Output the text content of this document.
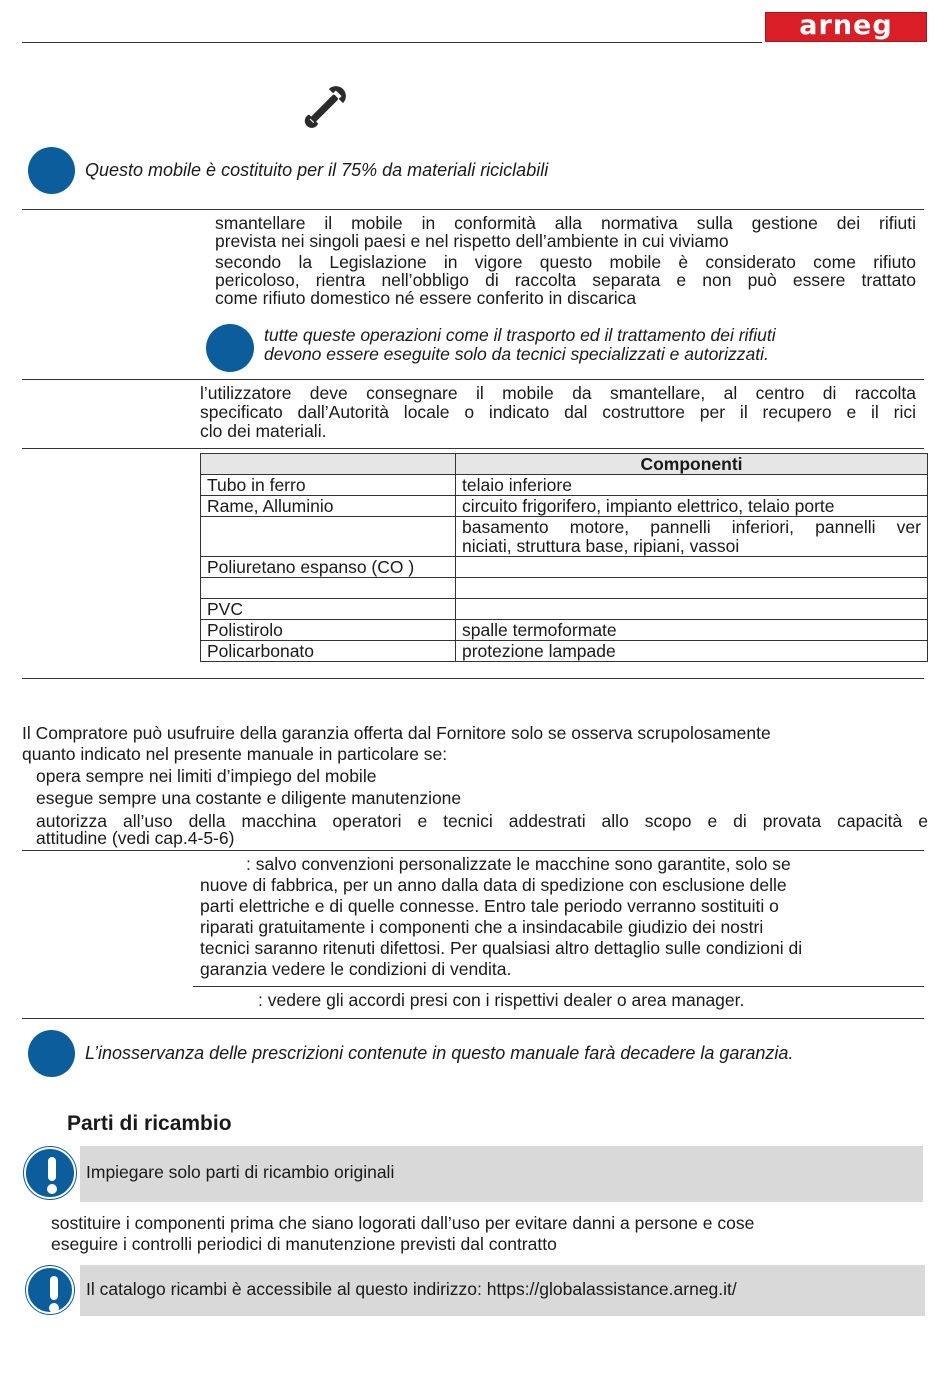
arneg
Questo mobile è costituito per il 75% da materiali riciclabili
smantellare il mobile in conformità alla normativa sulla gestione dei rifiuti
prevista nei singoli paesi e nel rispetto dell’ambiente in cui viviamo
secondo la Legislazione in vigore questo mobile è considerato come rifiuto
pericoloso, rientra nell’obbligo di raccolta separata e non può essere trattato
come rifiuto domestico né essere conferito in discarica
tutte queste operazioni come il trasporto ed il trattamento dei rifiuti
devono essere eseguite solo da tecnici specializzati e autorizzati.
l’utilizzatore deve consegnare il mobile da smantellare, al centro di raccolta
specificato dall’Autorità locale o indicato dal costruttore per il recupero e il rici
clo dei materiali.
	Componenti
Tubo in ferro	telaio inferiore
Rame, Alluminio	circuito frigorifero, impianto elettrico, telaio porte

	basamento motore, pannelli inferiori, pannelli ver
niciati, struttura base, ripiani, vassoi

Poliuretano espanso (CO )	

PVC	
Polistirolo	spalle termoformate
Policarbonato	protezione lampade
Il Compratore può usufruire della garanzia offerta dal Fornitore solo se osserva scrupolosamente
quanto indicato nel presente manuale in particolare se:
opera sempre nei limiti d’impiego del mobile
esegue sempre una costante e diligente manutenzione
autorizza all’uso della macchina operatori e tecnici addestrati allo scopo e di provata capacità e
attitudine (vedi cap.4-5-6)
: salvo convenzioni personalizzate le macchine sono garantite, solo se
nuove di fabbrica, per un anno dalla data di spedizione con esclusione delle
parti elettriche e di quelle connesse. Entro tale periodo verranno sostituiti o
riparati gratuitamente i componenti che a insindacabile giudizio dei nostri
tecnici saranno ritenuti difettosi. Per qualsiasi altro dettaglio sulle condizioni di
garanzia vedere le condizioni di vendita.
: vedere gli accordi presi con i rispettivi dealer o area manager.
L’inosservanza delle prescrizioni contenute in questo manuale farà decadere la garanzia.
Parti di ricambio
Impiegare solo parti di ricambio originali
sostituire i componenti prima che siano logorati dall’uso per evitare danni a persone e cose
eseguire i controlli periodici di manutenzione previsti dal contratto
Il catalogo ricambi è accessibile al questo indirizzo: https://globalassistance.arneg.it/
